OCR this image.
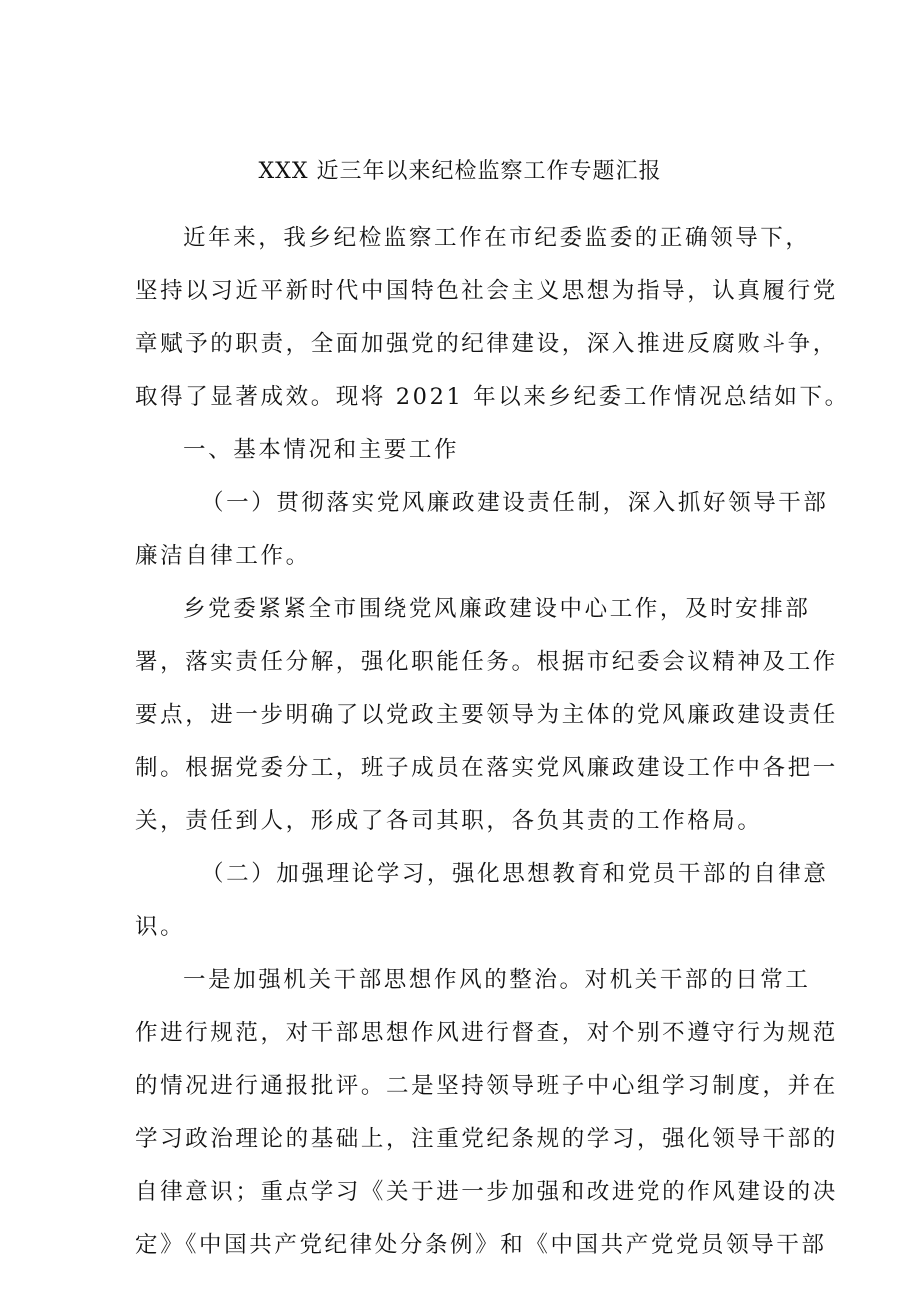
XXX 近三年以来纪检监察工作专题汇报
近年来，我乡纪检监察工作在市纪委监委的正确领导下，
坚持以习近平新时代中国特色社会主义思想为指导，认真履行党
章赋予的职责，全面加强党的纪律建设，深入推进反腐败斗争，
取得了显著成效。现将 2021 年以来乡纪委工作情况总结如下。
一、基本情况和主要工作
（一）贯彻落实党风廉政建设责任制，深入抓好领导干部
廉洁自律工作。
乡党委紧紧全市围绕党风廉政建设中心工作，及时安排部
署，落实责任分解，强化职能任务。根据市纪委会议精神及工作
要点，进一步明确了以党政主要领导为主体的党风廉政建设责任
制。根据党委分工，班子成员在落实党风廉政建设工作中各把一
关，责任到人，形成了各司其职，各负其责的工作格局。
（二）加强理论学习，强化思想教育和党员干部的自律意
识。
一是加强机关干部思想作风的整治。对机关干部的日常工
作进行规范，对干部思想作风进行督查，对个别不遵守行为规范
的情况进行通报批评。二是坚持领导班子中心组学习制度，并在
学习政治理论的基础上，注重党纪条规的学习，强化领导干部的
自律意识；重点学习《关于进一步加强和改进党的作风建设的决
定》《中国共产党纪律处分条例》和《中国共产党党员领导干部
